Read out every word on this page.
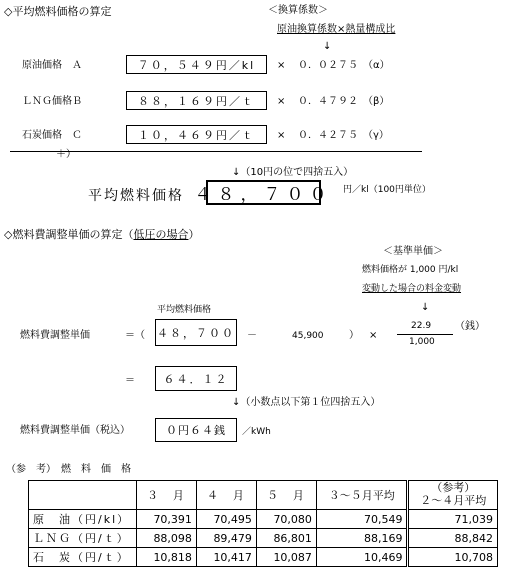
◇平均燃料価格の算定	＜換算係数＞
原油換算係数×熱量構成比
↓
原油価格　Ａ	７０，５４９円／kl	× ０．０２７５　（α）
ＬＮＧ価格Ｂ	８８，１６９円／ｔ	× ０．４７９２　（β）
石炭価格　Ｃ	１０，４６９円／ｔ	× ０．４２７５　（γ）
＋）
↓（10円の位で四捨五入）
平均燃料価格 ４８，７００ 円／kl（100円単位）
◇燃料費調整単価の算定（低圧の場合）
＜基準単価＞
燃料価格が 1,000 円/kl
変動した場合の料金変動
↓
平均燃料価格
燃料費調整単価	＝（ ４８，７００ －	45,900	） ×
22.9
1,000
（銭）
＝	６４．１２
↓（小数点以下第１位四捨五入）
燃料費調整単価（税込）	０円６４銭	／kWh
（参　考）　燃　料　価　格
	３　月	４　月	５　月	３～５月平均	（参考）
２～４月平均

原　油（円/kl）	70,391	70,495	70,080	70,549	71,039
ＬＮＧ（円/ｔ）	88,098	89,479	86,801	88,169	88,842
石　炭（円/ｔ）	10,818	10,417	10,087	10,469	10,708
